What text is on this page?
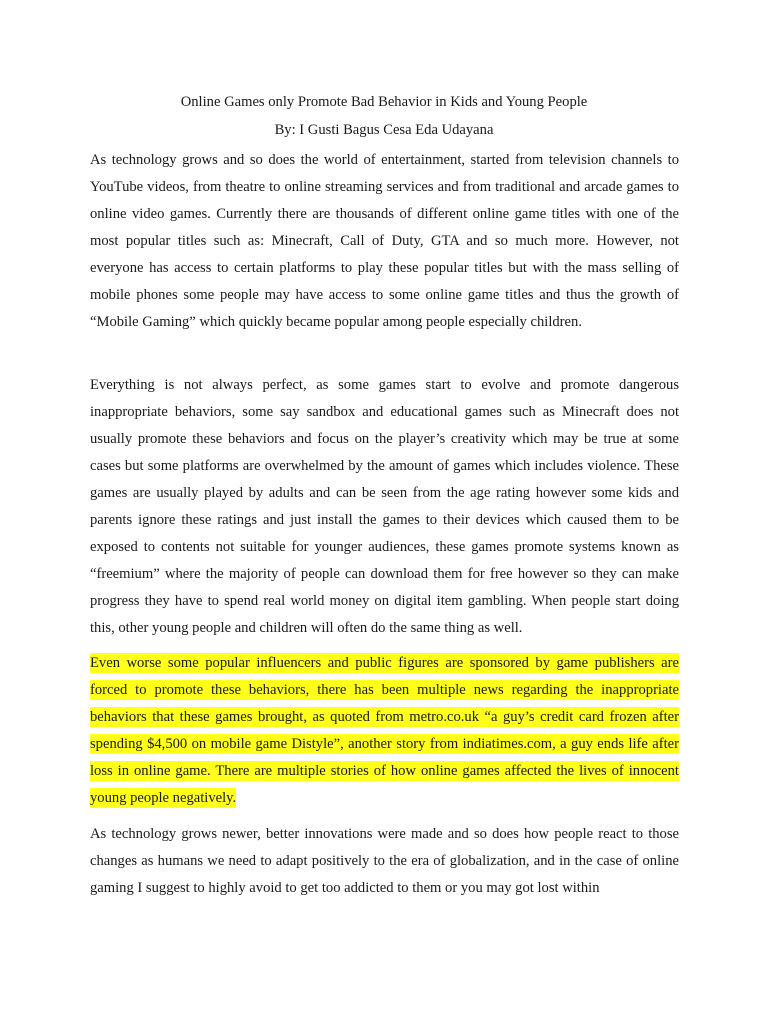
Online Games only Promote Bad Behavior in Kids and Young People
By: I Gusti Bagus Cesa Eda Udayana

As technology grows and so does the world of entertainment, started from television channels to YouTube videos, from theatre to online streaming services and from traditional and arcade games to online video games. Currently there are thousands of different online game titles with one of the most popular titles such as: Minecraft, Call of Duty, GTA and so much more. However, not everyone has access to certain platforms to play these popular titles but with the mass selling of mobile phones some people may have access to some online game titles and thus the growth of “Mobile Gaming” which quickly became popular among people especially children.

Everything is not always perfect, as some games start to evolve and promote dangerous inappropriate behaviors, some say sandbox and educational games such as Minecraft does not usually promote these behaviors and focus on the player’s creativity which may be true at some cases but some platforms are overwhelmed by the amount of games which includes violence. These games are usually played by adults and can be seen from the age rating however some kids and parents ignore these ratings and just install the games to their devices which caused them to be exposed to contents not suitable for younger audiences, these games promote systems known as “freemium” where the majority of people can download them for free however so they can make progress they have to spend real world money on digital item gambling. When people start doing this, other young people and children will often do the same thing as well.

Even worse some popular influencers and public figures are sponsored by game publishers are forced to promote these behaviors, there has been multiple news regarding the inappropriate behaviors that these games brought, as quoted from metro.co.uk “a guy’s credit card frozen after spending $4,500 on mobile game Distyle”, another story from indiatimes.com, a guy ends life after loss in online game. There are multiple stories of how online games affected the lives of innocent young people negatively.

As technology grows newer, better innovations were made and so does how people react to those changes as humans we need to adapt positively to the era of globalization, and in the case of online gaming I suggest to highly avoid to get too addicted to them or you may got lost within
